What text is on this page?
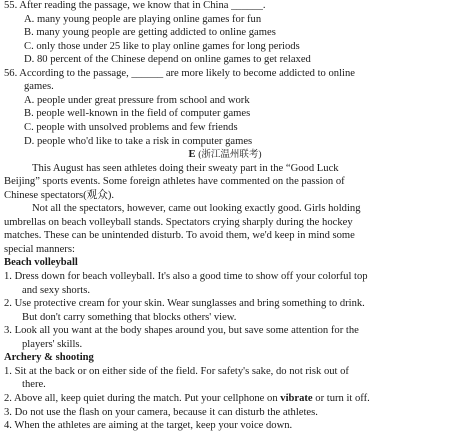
55. After reading the passage, we know that in China ______.
A. many young people are playing online games for fun
B. many young people are getting addicted to online games
C. only those under 25 like to play online games for long periods
D. 80 percent of the Chinese depend on online games to get relaxed
56. According to the passage, ______ are more likely to become addicted to online
games.
A. people under great pressure from school and work
B. people well-known in the field of computer games
C. people with unsolved problems and few friends
D. people who'd like to take a risk in computer games
E (浙江温州联考)
This August has seen athletes doing their sweaty part in the “Good Luck
Beijing” sports events. Some foreign athletes have commented on the passion of
Chinese spectators(观众).
Not all the spectators, however, came out looking exactly good. Girls holding
umbrellas on beach volleyball stands. Spectators crying sharply during the hockey
matches. These can be unintended disturb. To avoid them, we'd keep in mind some
special manners:
Beach volleyball
1. Dress down for beach volleyball. It's also a good time to show off your colorful top
and sexy shorts.
2. Use protective cream for your skin. Wear sunglasses and bring something to drink.
But don't carry something that blocks others' view.
3. Look all you want at the body shapes around you, but save some attention for the
players' skills.
Archery & shooting
1. Sit at the back or on either side of the field. For safety's sake, do not risk out of
there.
2. Above all, keep quiet during the match. Put your cellphone on vibrate or turn it off.
3. Do not use the flash on your camera, because it can disturb the athletes.
4. When the athletes are aiming at the target, keep your voice down.
